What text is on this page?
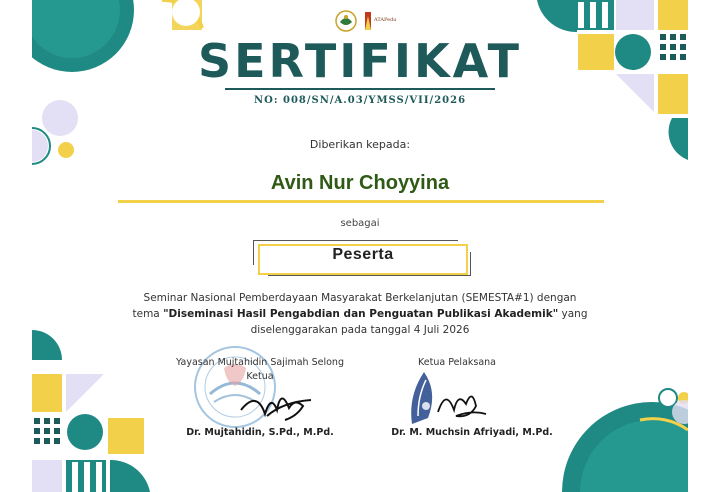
ATAPedu
SERTIFIKAT
NO: 008/SN/A.03/YMSS/VII/2026
Diberikan kepada:
Avin Nur Choyyina
sebagai
Peserta
Seminar Nasional Pemberdayaan Masyarakat Berkelanjutan (SEMESTA#1) dengan
tema "Diseminasi Hasil Pengabdian dan Penguatan Publikasi Akademik" yang
diselenggarakan pada tanggal 4 Juli 2026
Yayasan Mujtahidin Sajimah Selong
Ketua
Dr. Mujtahidin, S.Pd., M.Pd.
Ketua Pelaksana
Dr. M. Muchsin Afriyadi, M.Pd.
